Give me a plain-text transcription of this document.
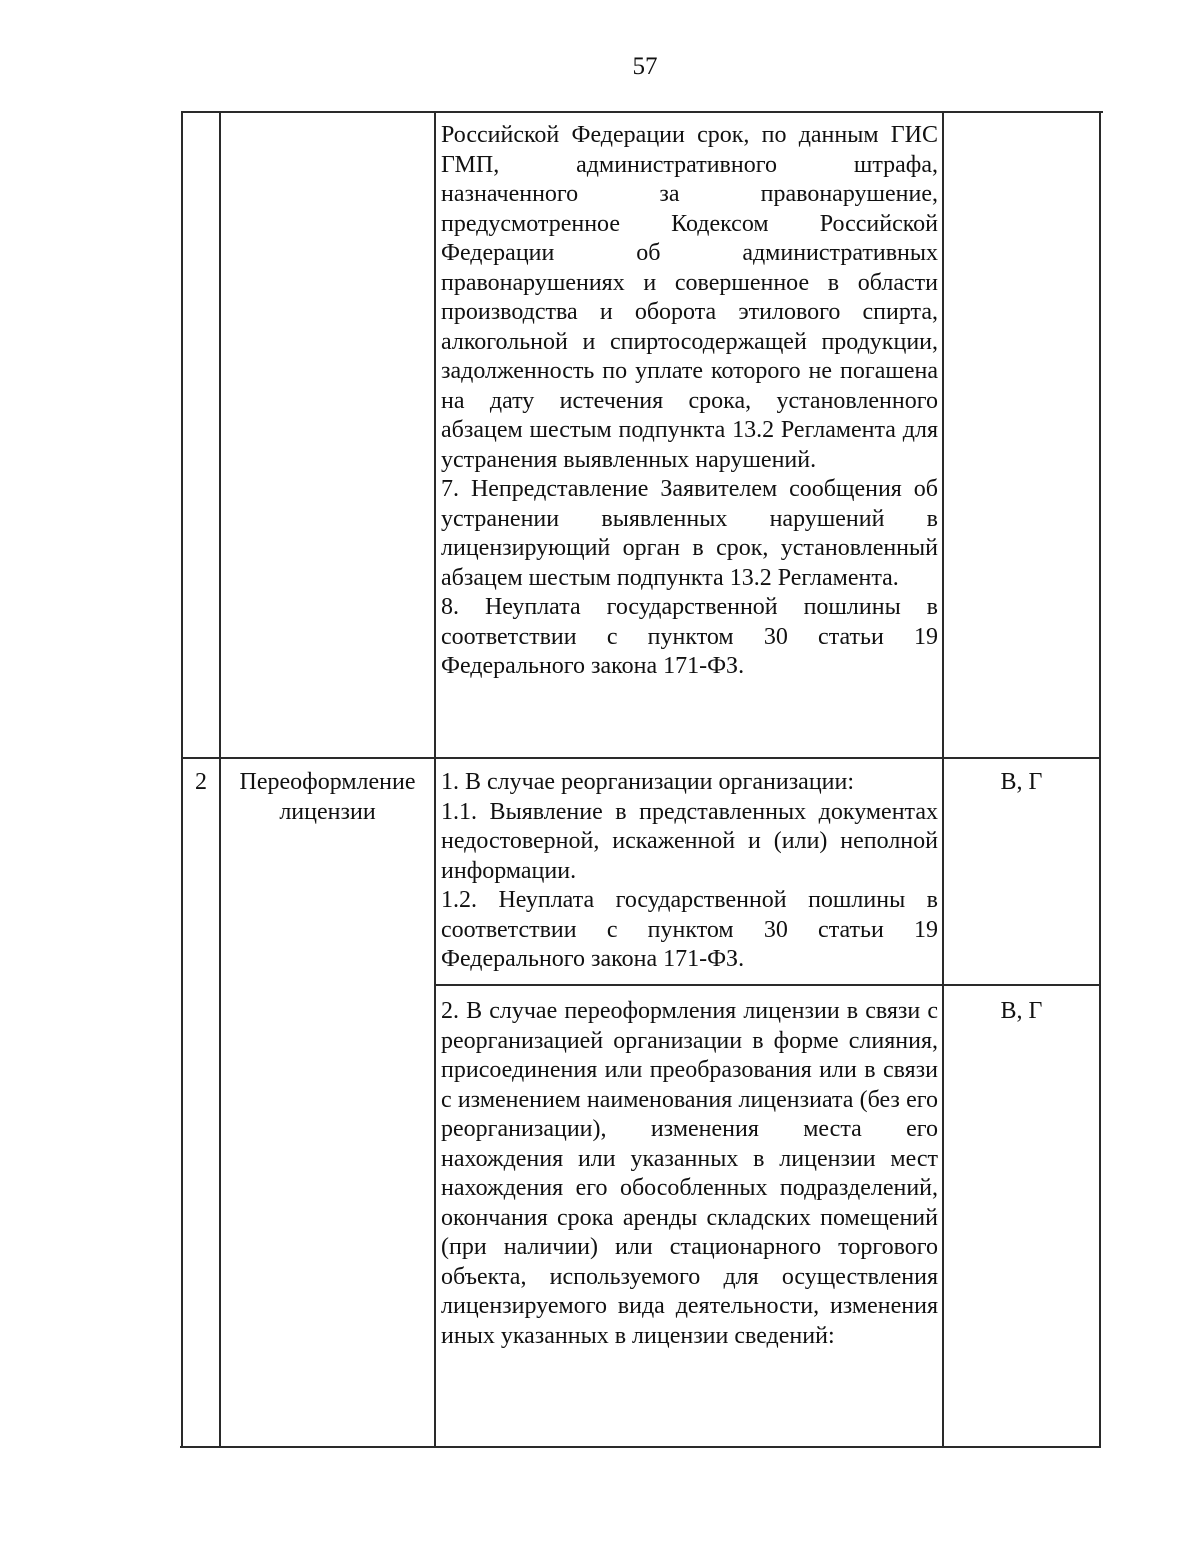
57

Российской Федерации срок, по данным ГИС ГМП, административного штрафа, назначенного за правонарушение, предусмотренное Кодексом Российской Федерации об административных правонарушениях и совершенное в области производства и оборота этилового спирта, алкогольной и спиртосодержащей продукции, задолженность по уплате которого не погашена на дату истечения срока, установленного абзацем шестым подпункта 13.2 Регламента для устранения выявленных нарушений.

7. Непредставление Заявителем сообщения об устранении выявленных нарушений в лицензирующий орган в срок, установленный абзацем шестым подпункта 13.2 Регламента.

8. Неуплата государственной пошлины в соответствии с пунктом 30 статьи 19 Федерального закона 171-ФЗ.

2	Переоформление лицензии

1. В случае реорганизации организации:

1.1. Выявление в представленных документах недостоверной, искаженной и (или) неполной информации.

1.2. Неуплата государственной пошлины в соответствии с пунктом 30 статьи 19 Федерального закона 171-ФЗ.

В, Г

2. В случае переоформления лицензии в связи с реорганизацией организации в форме слияния, присоединения или преобразования или в связи с изменением наименования лицензиата (без его реорганизации), изменения места его нахождения или указанных в лицензии мест нахождения его обособленных подразделений, окончания срока аренды складских помещений (при наличии) или стационарного торгового объекта, используемого для осуществления лицензируемого вида деятельности, изменения иных указанных в лицензии сведений:

В, Г
